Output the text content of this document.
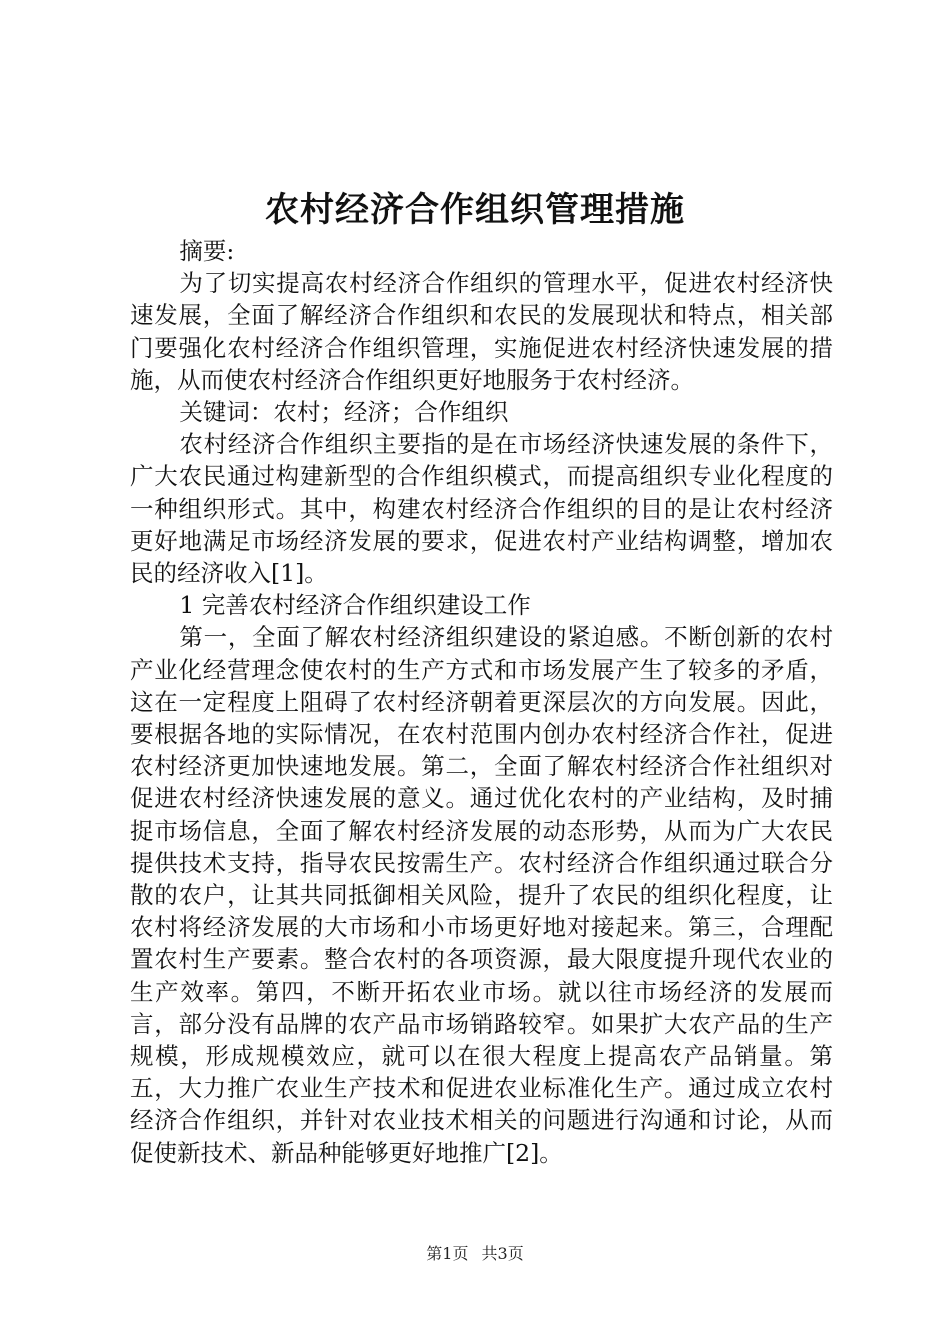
农村经济合作组织管理措施

摘要:

为了切实提高农村经济合作组织的管理水平，促进农村经济快速发展，全面了解经济合作组织和农民的发展现状和特点，相关部门要强化农村经济合作组织管理，实施促进农村经济快速发展的措施，从而使农村经济合作组织更好地服务于农村经济。

关键词：农村；经济；合作组织

农村经济合作组织主要指的是在市场经济快速发展的条件下，广大农民通过构建新型的合作组织模式，而提高组织专业化程度的一种组织形式。其中，构建农村经济合作组织的目的是让农村经济更好地满足市场经济发展的要求，促进农村产业结构调整，增加农民的经济收入[1]。

1 完善农村经济合作组织建设工作

第一，全面了解农村经济组织建设的紧迫感。不断创新的农村产业化经营理念使农村的生产方式和市场发展产生了较多的矛盾，这在一定程度上阻碍了农村经济朝着更深层次的方向发展。因此，要根据各地的实际情况，在农村范围内创办农村经济合作社，促进农村经济更加快速地发展。第二，全面了解农村经济合作社组织对促进农村经济快速发展的意义。通过优化农村的产业结构，及时捕捉市场信息，全面了解农村经济发展的动态形势，从而为广大农民提供技术支持，指导农民按需生产。农村经济合作组织通过联合分散的农户，让其共同抵御相关风险，提升了农民的组织化程度，让农村将经济发展的大市场和小市场更好地对接起来。第三，合理配置农村生产要素。整合农村的各项资源，最大限度提升现代农业的生产效率。第四，不断开拓农业市场。就以往市场经济的发展而言，部分没有品牌的农产品市场销路较窄。如果扩大农产品的生产规模，形成规模效应，就可以在很大程度上提高农产品销量。第五，大力推广农业生产技术和促进农业标准化生产。通过成立农村经济合作组织，并针对农业技术相关的问题进行沟通和讨论，从而促使新技术、新品种能够更好地推广[2]。

第1页 共3页
